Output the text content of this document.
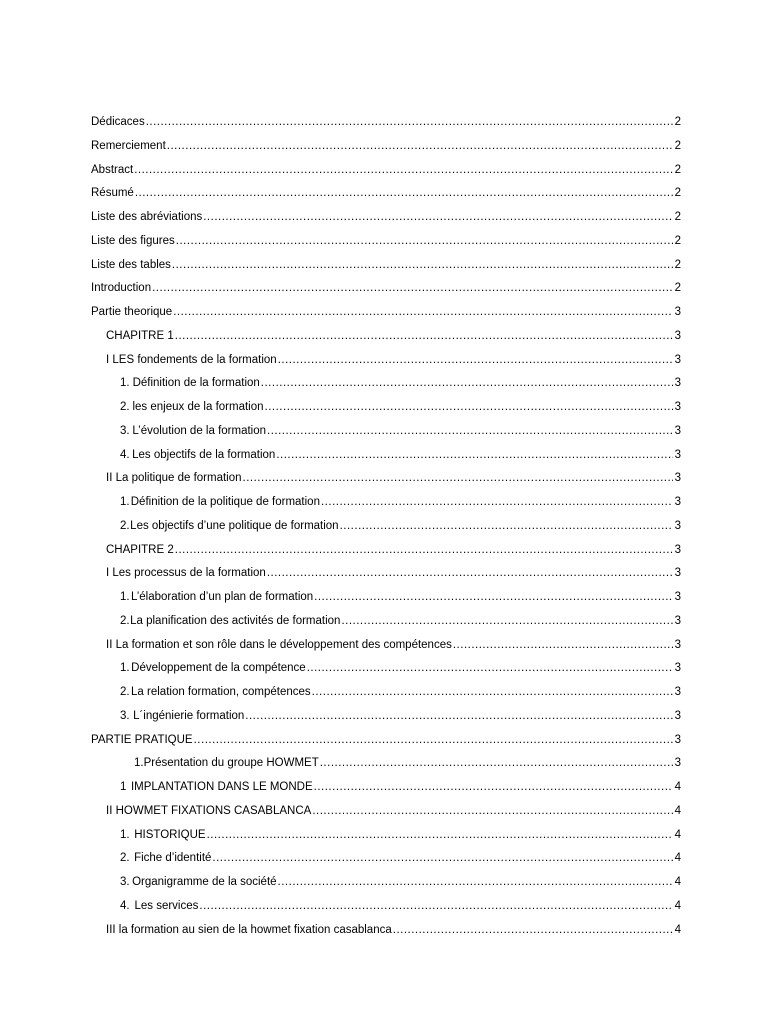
Dédicaces .....	2
Remerciement .....	2
Abstract .....	2
Résumé .....	2
Liste des abréviations .....	2
Liste des figures .....	2
Liste des tables .....	2
Introduction .....	2
Partie theorique .....	3
CHAPITRE 1 .....	3
I LES fondements de la formation .....	3
1. Définition de la formation .....	3
2. les enjeux de la formation .....	3
3. L’évolution de la formation .....	3
4. Les objectifs de la formation .....	3
II La politique de formation .....	3
1. Définition de la politique de formation .....	3
2. Les objectifs d’une politique de formation .....	3
CHAPITRE 2 .....	3
I Les processus de la formation .....	3
1. L’élaboration d’un plan de formation .....	3
2. La planification des activités de formation .....	3
II La formation et son rôle dans le développement des compétences .....	3
1. Développement de la compétence .....	3
2. La relation formation, compétences .....	3
3. L´ingénierie formation .....	3
PARTIE PRATIQUE .....	3
1. Présentation du groupe HOWMET .....	3
1 IMPLANTATION DANS LE MONDE .....	4
II HOWMET FIXATIONS CASABLANCA .....	4
1. HISTORIQUE .....	4
2. Fiche d’identité .....	4
3. Organigramme de la société .....	4
4. Les services .....	4
III la formation au sien de la howmet fixation casablanca .....	4
